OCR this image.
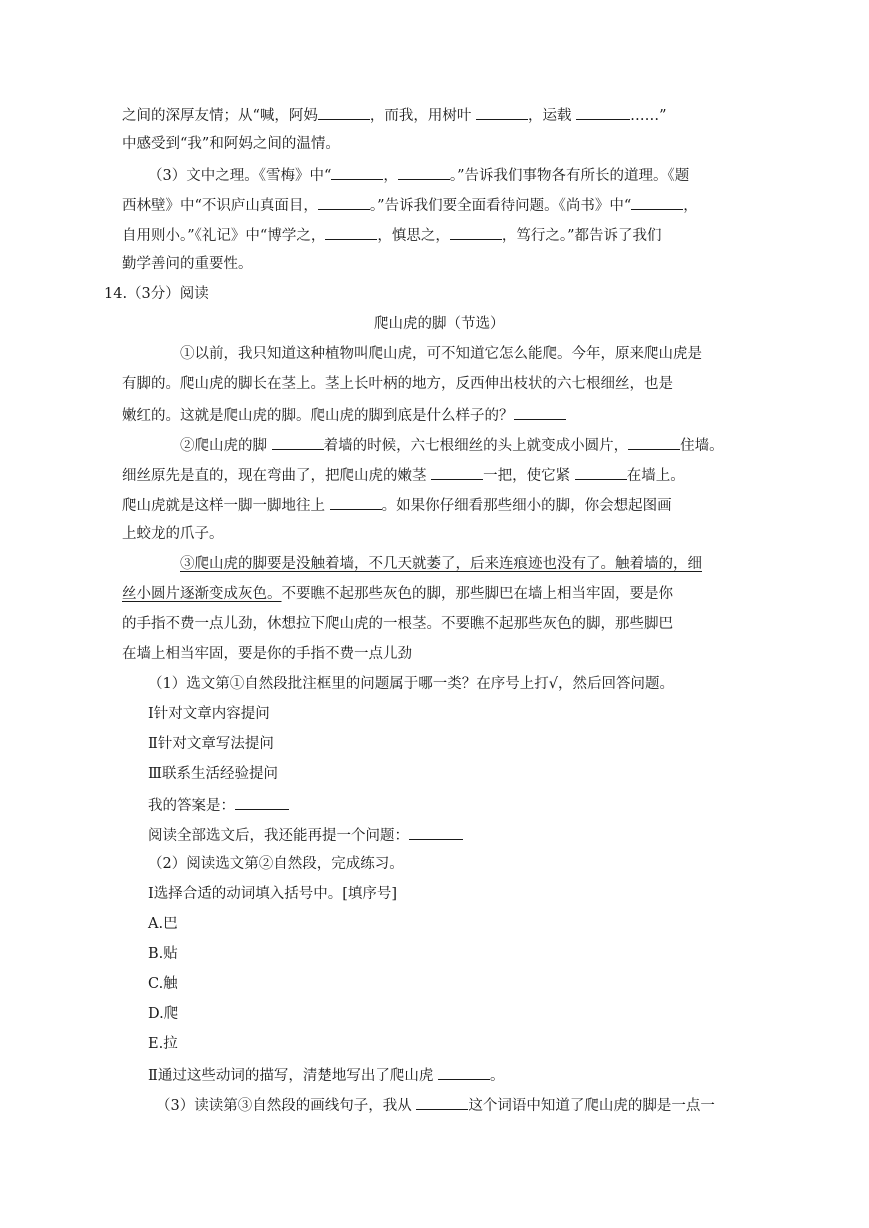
之间的深厚友情；从“喊，阿妈	，而我，用树叶	，运载	……”
中感受到“我”和阿妈之间的温情。
（3）文中之理。《雪梅》中“	，	。”告诉我们事物各有所长的道理。《题
西林壁》中“不识庐山真面目，	。”告诉我们要全面看待问题。《尚书》中“	，
自用则小。”《礼记》中“博学之，	，慎思之，	，笃行之。”都告诉了我们
勤学善问的重要性。
14.（3分）阅读
爬山虎的脚（节选）
①以前，我只知道这种植物叫爬山虎，可不知道它怎么能爬。今年，原来爬山虎是
有脚的。爬山虎的脚长在茎上。茎上长叶柄的地方，反西伸出枝状的六七根细丝，也是
嫩红的。这就是爬山虎的脚。爬山虎的脚到底是什么样子的？
②爬山虎的脚	着墙的时候，六七根细丝的头上就变成小圆片，	住墙。
细丝原先是直的，现在弯曲了，把爬山虎的嫩茎	一把，使它紧	在墙上。
爬山虎就是这样一脚一脚地往上	。如果你仔细看那些细小的脚，你会想起图画
上蛟龙的爪子。
③爬山虎的脚要是没触着墙，不几天就萎了，后来连痕迹也没有了。触着墙的，细
丝小圆片逐渐变成灰色。不要瞧不起那些灰色的脚，那些脚巴在墙上相当牢固，要是你
的手指不费一点儿劲，休想拉下爬山虎的一根茎。不要瞧不起那些灰色的脚，那些脚巴
在墙上相当牢固，要是你的手指不费一点儿劲
（1）选文第①自然段批注框里的问题属于哪一类？在序号上打√，然后回答问题。
Ⅰ针对文章内容提问
Ⅱ针对文章写法提问
Ⅲ联系生活经验提问
我的答案是：
阅读全部选文后，我还能再提一个问题：
（2）阅读选文第②自然段，完成练习。
Ⅰ选择合适的动词填入括号中。[填序号]
A.巴
B.贴
C.触
D.爬
E.拉
Ⅱ通过这些动词的描写，清楚地写出了爬山虎	。
（3）读读第③自然段的画线句子，我从	这个词语中知道了爬山虎的脚是一点一
